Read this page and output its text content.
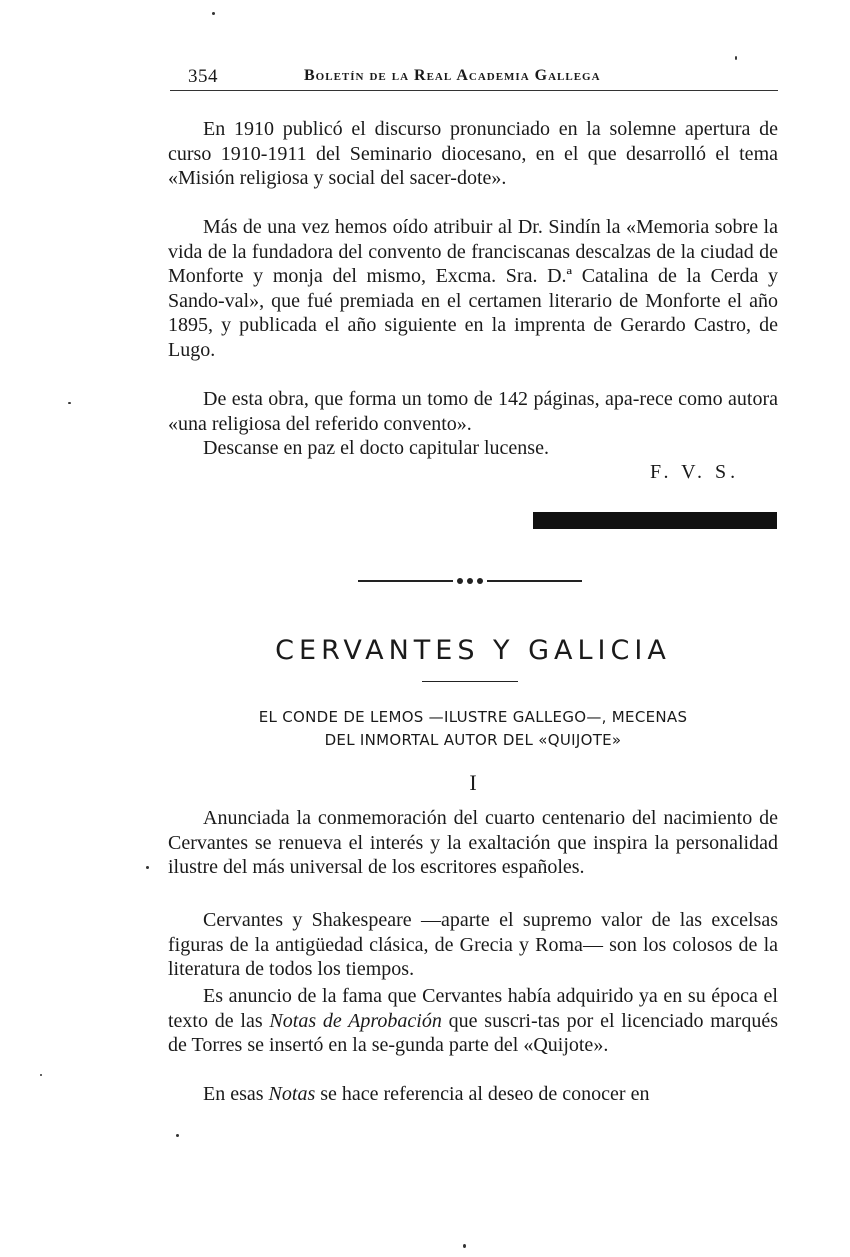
354	Boletín de la Real Academia Gallega

En 1910 publicó el discurso pronunciado en la solemne apertura de curso 1910-1911 del Seminario diocesano, en el que desarrolló el tema «Misión religiosa y social del sacer-dote».

Más de una vez hemos oído atribuir al Dr. Sindín la «Memoria sobre la vida de la fundadora del convento de franciscanas descalzas de la ciudad de Monforte y monja del mismo, Excma. Sra. D.ª Catalina de la Cerda y Sando-val», que fué premiada en el certamen literario de Monforte el año 1895, y publicada el año siguiente en la imprenta de Gerardo Castro, de Lugo.

De esta obra, que forma un tomo de 142 páginas, apa-rece como autora «una religiosa del referido convento».

Descanse en paz el docto capitular lucense.

F. V. S.
CERVANTES Y GALICIA
EL CONDE DE LEMOS —ILUSTRE GALLEGO—, MECENAS
DEL INMORTAL AUTOR DEL «QUIJOTE»
I

Anunciada la conmemoración del cuarto centenario del nacimiento de Cervantes se renueva el interés y la exaltación que inspira la personalidad ilustre del más universal de los escritores españoles.

Cervantes y Shakespeare —aparte el supremo valor de las excelsas figuras de la antigüedad clásica, de Grecia y Roma— son los colosos de la literatura de todos los tiempos.

Es anuncio de la fama que Cervantes había adquirido ya en su época el texto de las Notas de Aprobación que suscri-tas por el licenciado marqués de Torres se insertó en la se-gunda parte del «Quijote».

En esas Notas se hace referencia al deseo de conocer en
